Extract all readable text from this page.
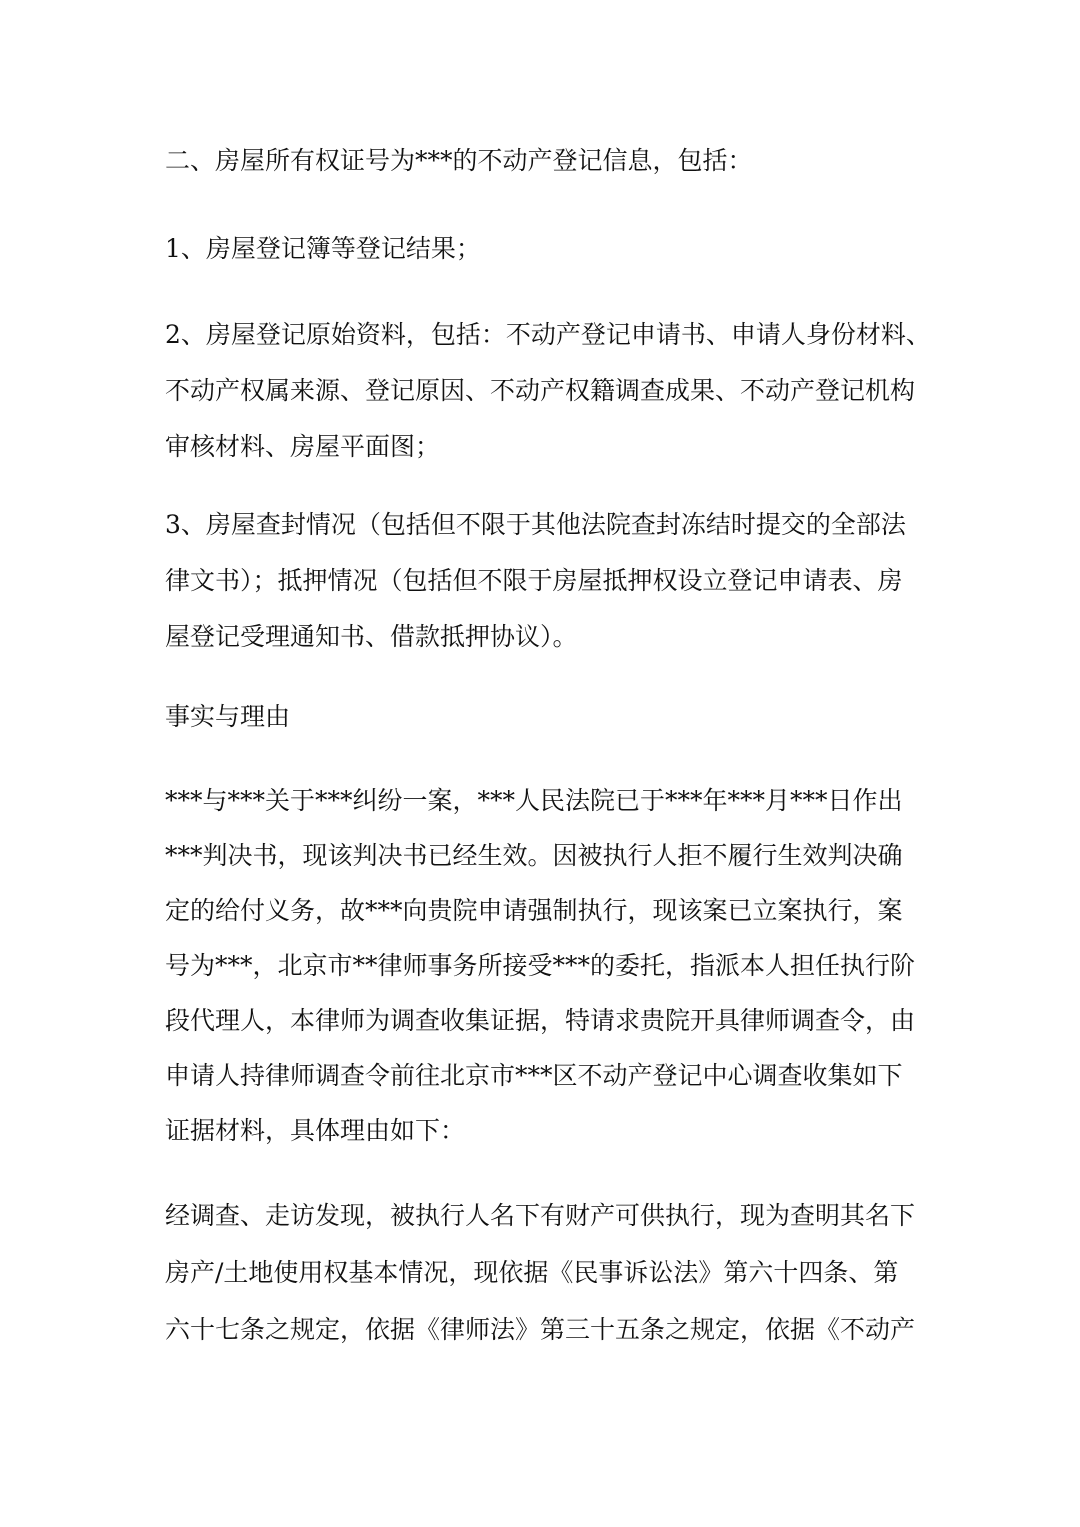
二、房屋所有权证号为***的不动产登记信息，包括：
1、房屋登记簿等登记结果；
2、房屋登记原始资料，包括：不动产登记申请书、申请人身份材料、
不动产权属来源、登记原因、不动产权籍调查成果、不动产登记机构
审核材料、房屋平面图；
3、房屋查封情况（包括但不限于其他法院查封冻结时提交的全部法
律文书）；抵押情况（包括但不限于房屋抵押权设立登记申请表、房
屋登记受理通知书、借款抵押协议）。
事实与理由
***与***关于***纠纷一案，***人民法院已于***年***月***日作出
***判决书，现该判决书已经生效。因被执行人拒不履行生效判决确
定的给付义务，故***向贵院申请强制执行，现该案已立案执行，案
号为***，北京市**律师事务所接受***的委托，指派本人担任执行阶
段代理人，本律师为调查收集证据，特请求贵院开具律师调查令，由
申请人持律师调查令前往北京市***区不动产登记中心调查收集如下
证据材料，具体理由如下：
经调查、走访发现，被执行人名下有财产可供执行，现为查明其名下
房产/土地使用权基本情况，现依据《民事诉讼法》第六十四条、第
六十七条之规定，依据《律师法》第三十五条之规定，依据《不动产
